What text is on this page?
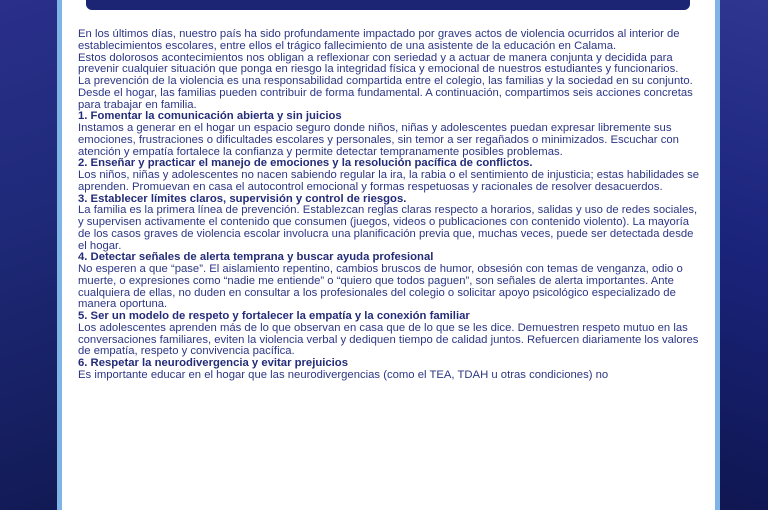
En los últimos días, nuestro país ha sido profundamente impactado por graves actos de violencia ocurridos al interior de establecimientos escolares, entre ellos el trágico fallecimiento de una asistente de la educación en Calama.

Estos dolorosos acontecimientos nos obligan a reflexionar con seriedad y a actuar de manera conjunta y decidida para prevenir cualquier situación que ponga en riesgo la integridad física y emocional de nuestros estudiantes y funcionarios.

La prevención de la violencia es una responsabilidad compartida entre el colegio, las familias y la sociedad en su conjunto. Desde el hogar, las familias pueden contribuir de forma fundamental. A continuación, compartimos seis acciones concretas para trabajar en familia.

1. Fomentar la comunicación abierta y sin juicios

Instamos a generar en el hogar un espacio seguro donde niños, niñas y adolescentes puedan expresar libremente sus emociones, frustraciones o dificultades escolares y personales, sin temor a ser regañados o minimizados. Escuchar con atención y empatía fortalece la confianza y permite detectar tempranamente posibles problemas.

2. Enseñar y practicar el manejo de emociones y la resolución pacífica de conflictos.

Los niños, niñas y adolescentes no nacen sabiendo regular la ira, la rabia o el sentimiento de injusticia; estas habilidades se aprenden. Promuevan en casa el autocontrol emocional y formas respetuosas y racionales de resolver desacuerdos.

3. Establecer límites claros, supervisión y control de riesgos.

La familia es la primera línea de prevención. Establezcan reglas claras respecto a horarios, salidas y uso de redes sociales, y supervisen activamente el contenido que consumen (juegos, videos o publicaciones con contenido violento). La mayoría de los casos graves de violencia escolar involucra una planificación previa que, muchas veces, puede ser detectada desde el hogar.

4. Detectar señales de alerta temprana y buscar ayuda profesional

No esperen a que “pase”. El aislamiento repentino, cambios bruscos de humor, obsesión con temas de venganza, odio o muerte, o expresiones como “nadie me entiende” o “quiero que todos paguen”, son señales de alerta importantes. Ante cualquiera de ellas, no duden en consultar a los profesionales del colegio o solicitar apoyo psicológico especializado de manera oportuna.

5. Ser un modelo de respeto y fortalecer la empatía y la conexión familiar

Los adolescentes aprenden más de lo que observan en casa que de lo que se les dice. Demuestren respeto mutuo en las conversaciones familiares, eviten la violencia verbal y dediquen tiempo de calidad juntos. Refuercen diariamente los valores de empatía, respeto y convivencia pacífica.

6. Respetar la neurodivergencia y evitar prejuicios

Es importante educar en el hogar que las neurodivergencias (como el TEA, TDAH u otras condiciones) no
